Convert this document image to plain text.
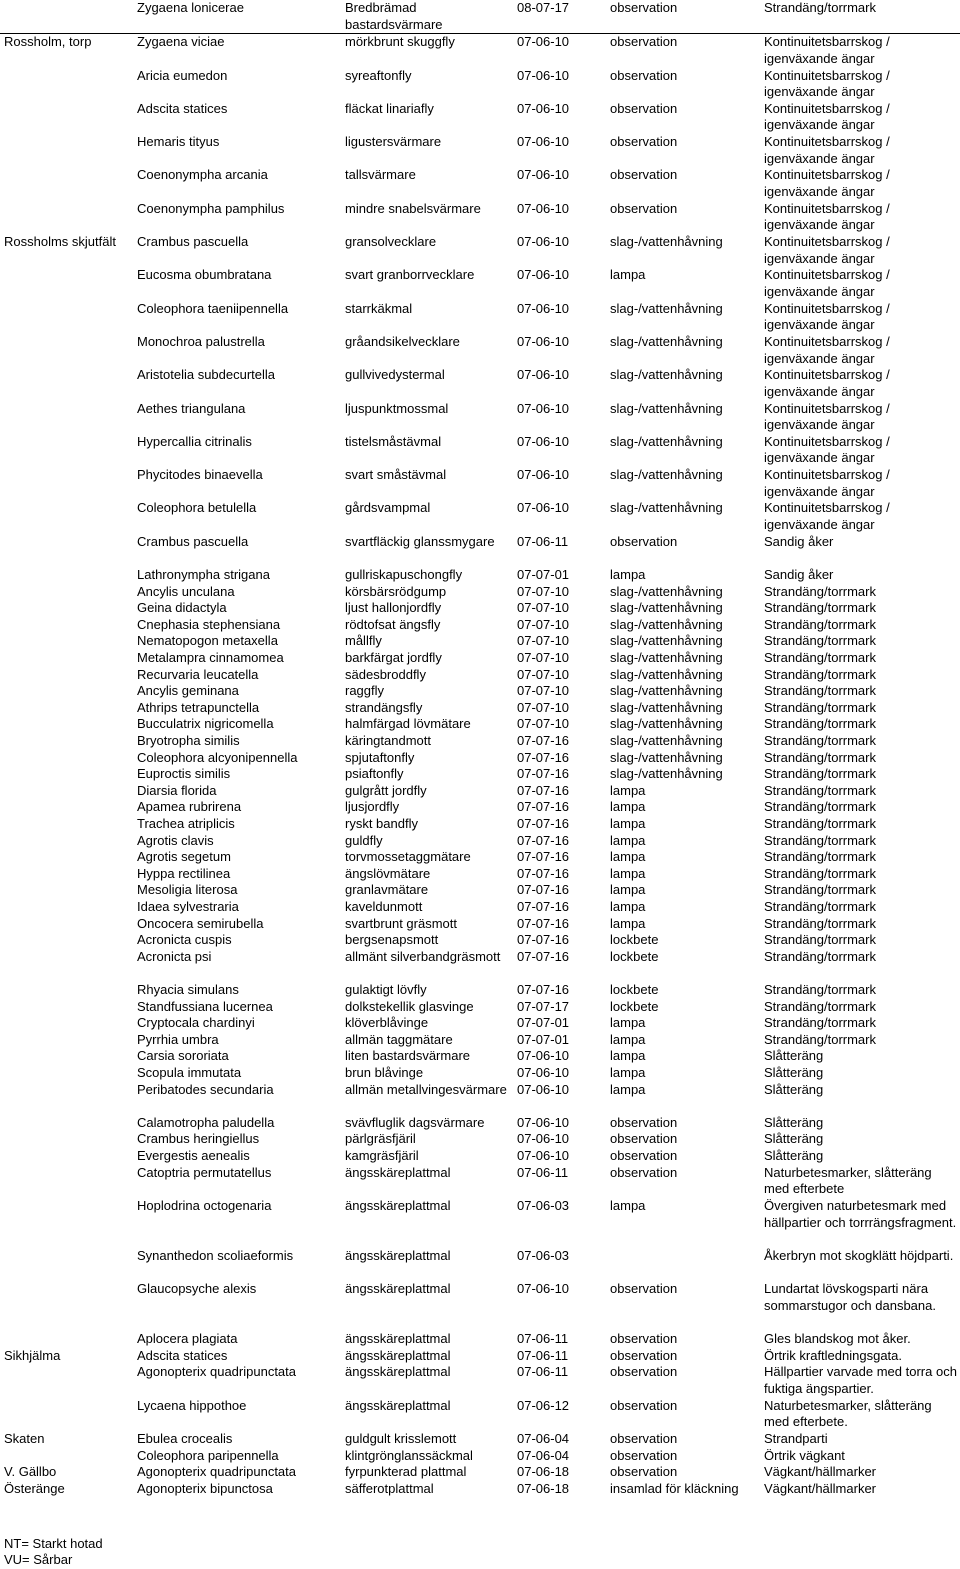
	Zygaena lonicerae	Bredbrämad bastardsvärmare	08-07-17	observation	Strandäng/torrmark
Rossholm, torp	Zygaena viciae	mörkbrunt skuggfly	07-06-10	observation	Kontinuitetsbarrskog / igenväxande ängar
	Aricia eumedon	syreaftonfly	07-06-10	observation	Kontinuitetsbarrskog / igenväxande ängar
	Adscita statices	fläckat linariafly	07-06-10	observation	Kontinuitetsbarrskog / igenväxande ängar
	Hemaris tityus	ligustersvärmare	07-06-10	observation	Kontinuitetsbarrskog / igenväxande ängar
	Coenonympha arcania	tallsvärmare	07-06-10	observation	Kontinuitetsbarrskog / igenväxande ängar
	Coenonympha pamphilus	mindre snabelsvärmare	07-06-10	observation	Kontinuitetsbarrskog / igenväxande ängar
Rossholms skjutfält	Crambus pascuella	gransolvecklare	07-06-10	slag-/vattenhåvning	Kontinuitetsbarrskog / igenväxande ängar
	Eucosma obumbratana	svart granborrvecklare	07-06-10	lampa	Kontinuitetsbarrskog / igenväxande ängar
	Coleophora taeniipennella	starrkäkmal	07-06-10	slag-/vattenhåvning	Kontinuitetsbarrskog / igenväxande ängar
	Monochroa palustrella	gråandsikelvecklare	07-06-10	slag-/vattenhåvning	Kontinuitetsbarrskog / igenväxande ängar
	Aristotelia subdecurtella	gullvivedystermal	07-06-10	slag-/vattenhåvning	Kontinuitetsbarrskog / igenväxande ängar
	Aethes triangulana	ljuspunktmossmal	07-06-10	slag-/vattenhåvning	Kontinuitetsbarrskog / igenväxande ängar
	Hypercallia citrinalis	tistelsmåstävmal	07-06-10	slag-/vattenhåvning	Kontinuitetsbarrskog / igenväxande ängar
	Phycitodes binaevella	svart småstävmal	07-06-10	slag-/vattenhåvning	Kontinuitetsbarrskog / igenväxande ängar
	Coleophora betulella	gårdsvampmal	07-06-10	slag-/vattenhåvning	Kontinuitetsbarrskog / igenväxande ängar
	Crambus pascuella	svartfläckig glanssmygare	07-06-11	observation	Sandig åker
	Lathronympha strigana	gullriskapuschongfly	07-07-01	lampa	Sandig åker
	Ancylis unculana	körsbärsrödgump	07-07-10	slag-/vattenhåvning	Strandäng/torrmark
	Geina didactyla	ljust hallonjordfly	07-07-10	slag-/vattenhåvning	Strandäng/torrmark
	Cnephasia stephensiana	rödtofsat ängsfly	07-07-10	slag-/vattenhåvning	Strandäng/torrmark
	Nematopogon metaxella	mållfly	07-07-10	slag-/vattenhåvning	Strandäng/torrmark
	Metalampra cinnamomea	barkfärgat jordfly	07-07-10	slag-/vattenhåvning	Strandäng/torrmark
	Recurvaria leucatella	sädesbroddfly	07-07-10	slag-/vattenhåvning	Strandäng/torrmark
	Ancylis geminana	raggfly	07-07-10	slag-/vattenhåvning	Strandäng/torrmark
	Athrips tetrapunctella	strandängsfly	07-07-10	slag-/vattenhåvning	Strandäng/torrmark
	Bucculatrix nigricomella	halmfärgad lövmätare	07-07-10	slag-/vattenhåvning	Strandäng/torrmark
	Bryotropha similis	käringtandmott	07-07-16	slag-/vattenhåvning	Strandäng/torrmark
	Coleophora alcyonipennella	spjutaftonfly	07-07-16	slag-/vattenhåvning	Strandäng/torrmark
	Euproctis similis	psiaftonfly	07-07-16	slag-/vattenhåvning	Strandäng/torrmark
	Diarsia florida	gulgrått jordfly	07-07-16	lampa	Strandäng/torrmark
	Apamea rubrirena	ljusjordfly	07-07-16	lampa	Strandäng/torrmark
	Trachea atriplicis	ryskt bandfly	07-07-16	lampa	Strandäng/torrmark
	Agrotis clavis	guldfly	07-07-16	lampa	Strandäng/torrmark
	Agrotis segetum	torvmossetaggmätare	07-07-16	lampa	Strandäng/torrmark
	Hyppa rectilinea	ängslövmätare	07-07-16	lampa	Strandäng/torrmark
	Mesoligia literosa	granlavmätare	07-07-16	lampa	Strandäng/torrmark
	Idaea sylvestraria	kaveldunmott	07-07-16	lampa	Strandäng/torrmark
	Oncocera semirubella	svartbrunt gräsmott	07-07-16	lampa	Strandäng/torrmark
	Acronicta cuspis	bergsenapsmott	07-07-16	lockbete	Strandäng/torrmark
	Acronicta psi	allmänt silverbandgräsmott	07-07-16	lockbete	Strandäng/torrmark
	Rhyacia simulans	gulaktigt lövfly	07-07-16	lockbete	Strandäng/torrmark
	Standfussiana lucernea	dolkstekellik glasvinge	07-07-17	lockbete	Strandäng/torrmark
	Cryptocala chardinyi	klöverblåvinge	07-07-01	lampa	Strandäng/torrmark
	Pyrrhia umbra	allmän taggmätare	07-07-01	lampa	Strandäng/torrmark
	Carsia sororiata	liten bastardsvärmare	07-06-10	lampa	Slåtteräng
	Scopula immutata	brun blåvinge	07-06-10	lampa	Slåtteräng
	Peribatodes secundaria	allmän metallvingesvärmare	07-06-10	lampa	Slåtteräng
	Calamotropha paludella	svävfluglik dagsvärmare	07-06-10	observation	Slåtteräng
	Crambus heringiellus	pärlgräsfjäril	07-06-10	observation	Slåtteräng
	Evergestis aenealis	kamgräsfjäril	07-06-10	observation	Slåtteräng
	Catoptria permutatellus	ängsskäreplattmal	07-06-11	observation	Naturbetesmarker, slåtteräng med efterbete
	Hoplodrina octogenaria	ängsskäreplattmal	07-06-03	lampa	Övergiven naturbetesmark med hällpartier och torrrängsfragment.
	Synanthedon scoliaeformis	ängsskäreplattmal	07-06-03		Åkerbryn mot skogklätt höjdparti.
	Glaucopsyche alexis	ängsskäreplattmal	07-06-10	observation	Lundartat lövskogsparti nära sommarstugor och dansbana.
	Aplocera plagiata	ängsskäreplattmal	07-06-11	observation	Gles blandskog mot åker.
Sikhjälma	Adscita statices	ängsskäreplattmal	07-06-11	observation	Örtrik kraftledningsgata.
	Agonopterix quadripunctata	ängsskäreplattmal	07-06-11	observation	Hällpartier varvade med torra och fuktiga ängspartier.
	Lycaena hippothoe	ängsskäreplattmal	07-06-12	observation	Naturbetesmarker, slåtteräng med efterbete.
Skaten	Ebulea crocealis	guldgult krisslemott	07-06-04	observation	Strandparti
	Coleophora paripennella	klintgrönglanssäckmal	07-06-04	observation	Örtrik vägkant
V. Gällbo	Agonopterix quadripunctata	fyrpunkterad plattmal	07-06-18	observation	Vägkant/hällmarker
Österänge	Agonopterix bipunctosa	säfferotplattmal	07-06-18	insamlad för kläckning	Vägkant/hällmarker
NT= Starkt hotad
VU= Sårbar
